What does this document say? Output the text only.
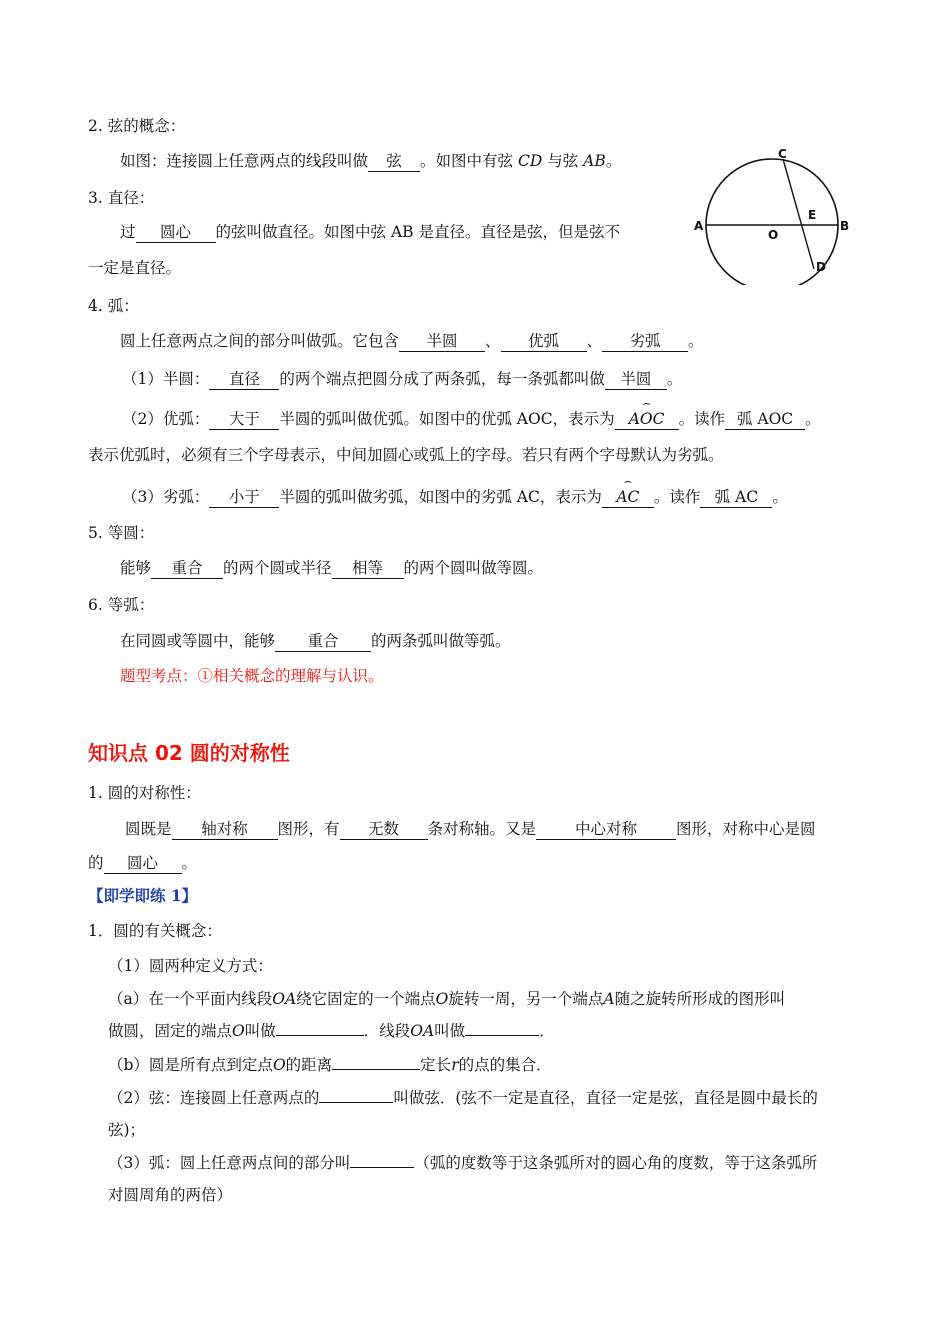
2. 弦的概念：
如图：连接圆上任意两点的线段叫做 弦 。如图中有弦 CD 与弦 AB。
3. 直径：
过 圆心 的弦叫做直径。如图中弦 AB 是直径。直径是弦，但是弦不
一定是直径。
A	B
C
D
E
O
4. 弧：
圆上任意两点之间的部分叫做弧。它包含 半圆 、 优弧 、 劣弧 。
（1）半圆： 直径 的两个端点把圆分成了两条弧，每一条弧都叫做 半圆 。
（2）优弧： 大于 半圆的弧叫做优弧。如图中的优弧 AOC，表示为 ⌢ AOC 。读作 弧 AOC 。
表示优弧时，必须有三个字母表示，中间加圆心或弧上的字母。若只有两个字母默认为劣弧。
（3）劣弧： 小于 半圆的弧叫做劣弧，如图中的劣弧 AC，表示为 ⌢ AC 。读作 弧 AC 。
5. 等圆：
能够 重合 的两个圆或半径 相等 的两个圆叫做等圆。
6. 等弧：
在同圆或等圆中，能够 重合 的两条弧叫做等弧。
题型考点：①相关概念的理解与认识。
知识点 02 圆的对称性
1. 圆的对称性：
圆既是 轴对称 图形，有 无数 条对称轴。又是	中心对称	图形，对称中心是圆
的 圆心 。
【即学即练 1】
1．圆的有关概念：
（1）圆两种定义方式：
（a）在一个平面内线段OA绕它固定的一个端点O旋转一周，另一个端点A随之旋转所形成的图形叫
做圆，固定的端点O叫做	．线段OA叫做	．
（b）圆是所有点到定点O的距离	定长r的点的集合．
（2）弦：连接圆上任意两点的	叫做弦．(弦不一定是直径，直径一定是弦，直径是圆中最长的
弦)；
（3）弧：圆上任意两点间的部分叫	（弧的度数等于这条弧所对的圆心角的度数，等于这条弧所
对圆周角的两倍）
